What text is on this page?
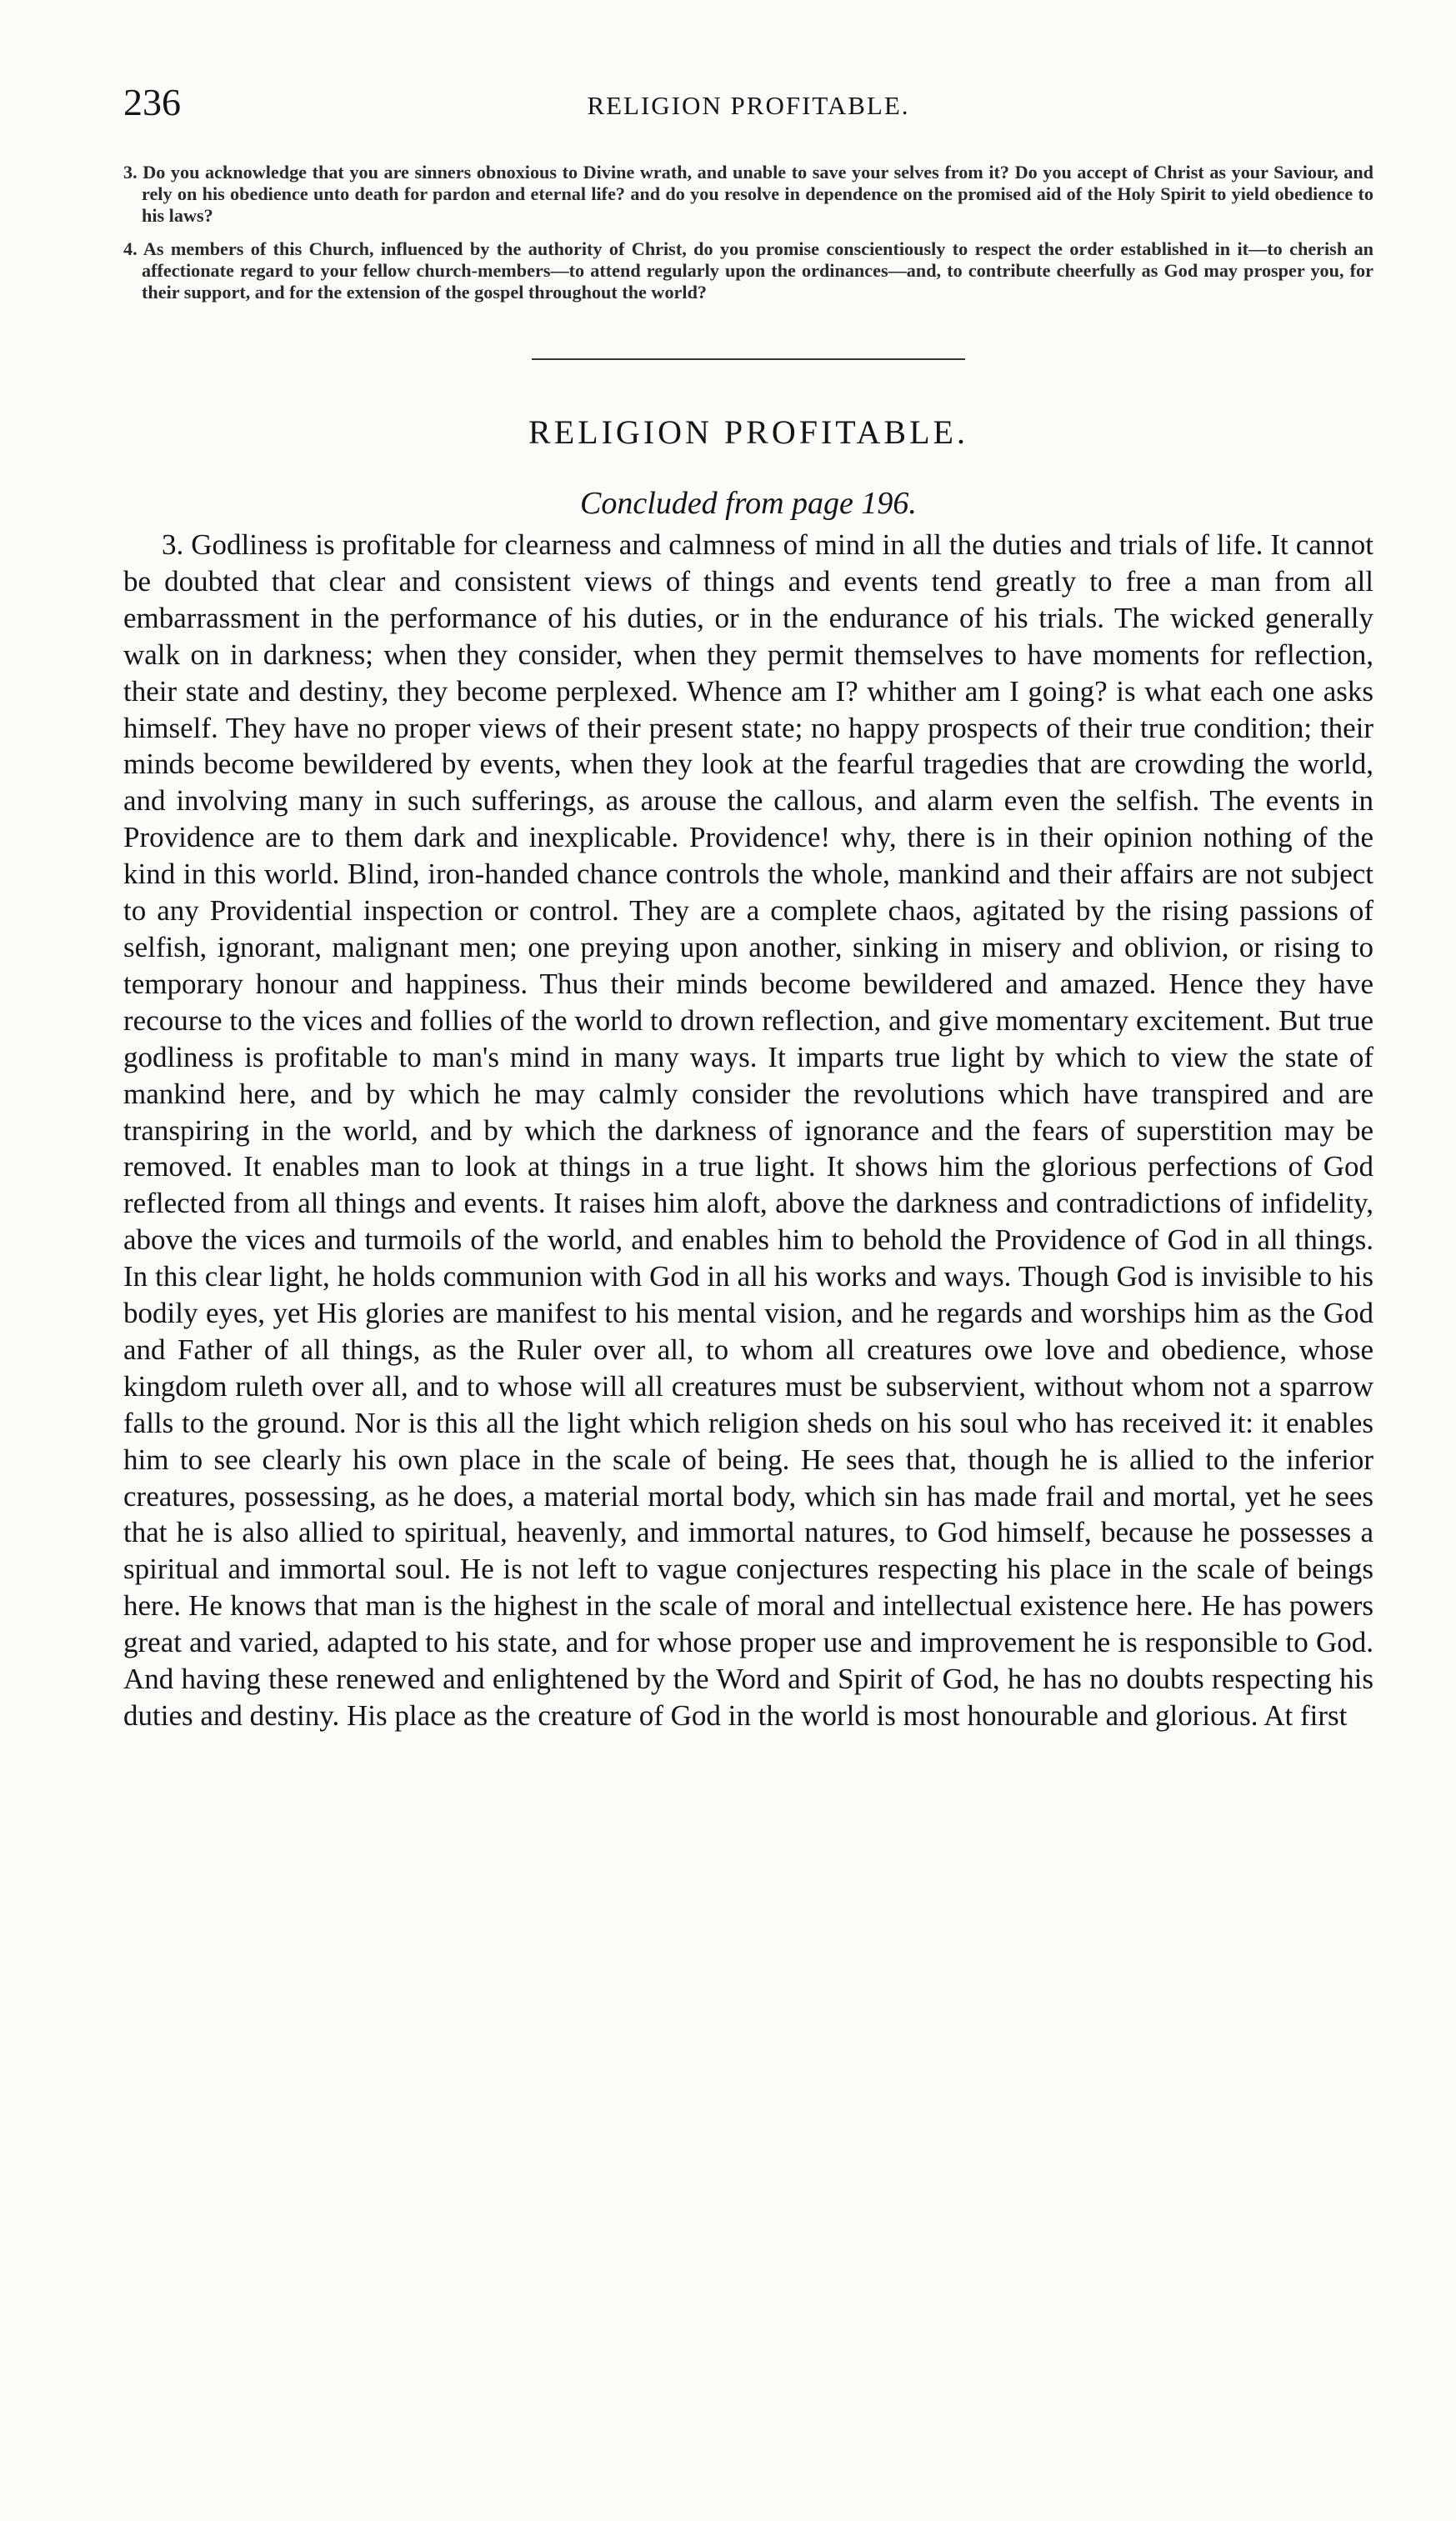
236	RELIGION PROFITABLE.

3. Do you acknowledge that you are sinners obnoxious to Divine wrath, and unable to save your selves from it? Do you accept of Christ as your Saviour, and rely on his obedience unto death for pardon and eternal life? and do you resolve in dependence on the promised aid of the Holy Spirit to yield obedience to his laws?

4. As members of this Church, influenced by the authority of Christ, do you promise conscientiously to respect the order established in it—to cherish an affectionate regard to your fellow church-members—to attend regularly upon the ordinances—and, to contribute cheerfully as God may prosper you, for their support, and for the extension of the gospel throughout the world?

RELIGION PROFITABLE.
Concluded from page 196.

3. Godliness is profitable for clearness and calmness of mind in all the duties and trials of life. It cannot be doubted that clear and consistent views of things and events tend greatly to free a man from all embarrassment in the performance of his duties, or in the endurance of his trials. The wicked generally walk on in darkness; when they consider, when they permit themselves to have moments for reflection, their state and destiny, they become perplexed. Whence am I? whither am I going? is what each one asks himself. They have no proper views of their present state; no happy prospects of their true condition; their minds become bewildered by events, when they look at the fearful tragedies that are crowding the world, and involving many in such sufferings, as arouse the callous, and alarm even the selfish. The events in Providence are to them dark and inexplicable. Providence! why, there is in their opinion nothing of the kind in this world. Blind, iron-handed chance controls the whole, mankind and their affairs are not subject to any Providential inspection or control. They are a complete chaos, agitated by the rising passions of selfish, ignorant, malignant men; one preying upon another, sinking in misery and oblivion, or rising to temporary honour and happiness. Thus their minds become bewildered and amazed. Hence they have recourse to the vices and follies of the world to drown reflection, and give momentary excitement. But true godliness is profitable to man's mind in many ways. It imparts true light by which to view the state of mankind here, and by which he may calmly consider the revolutions which have transpired and are transpiring in the world, and by which the darkness of ignorance and the fears of superstition may be removed. It enables man to look at things in a true light. It shows him the glorious perfections of God reflected from all things and events. It raises him aloft, above the darkness and contradictions of infidelity, above the vices and turmoils of the world, and enables him to behold the Providence of God in all things. In this clear light, he holds communion with God in all his works and ways. Though God is invisible to his bodily eyes, yet His glories are manifest to his mental vision, and he regards and worships him as the God and Father of all things, as the Ruler over all, to whom all creatures owe love and obedience, whose kingdom ruleth over all, and to whose will all creatures must be subservient, without whom not a sparrow falls to the ground. Nor is this all the light which religion sheds on his soul who has received it: it enables him to see clearly his own place in the scale of being. He sees that, though he is allied to the inferior creatures, possessing, as he does, a material mortal body, which sin has made frail and mortal, yet he sees that he is also allied to spiritual, heavenly, and immortal natures, to God himself, because he possesses a spiritual and immortal soul. He is not left to vague conjectures respecting his place in the scale of beings here. He knows that man is the highest in the scale of moral and intellectual existence here. He has powers great and varied, adapted to his state, and for whose proper use and improvement he is responsible to God. And having these renewed and enlightened by the Word and Spirit of God, he has no doubts respecting his duties and destiny. His place as the creature of God in the world is most honourable and glorious. At first
